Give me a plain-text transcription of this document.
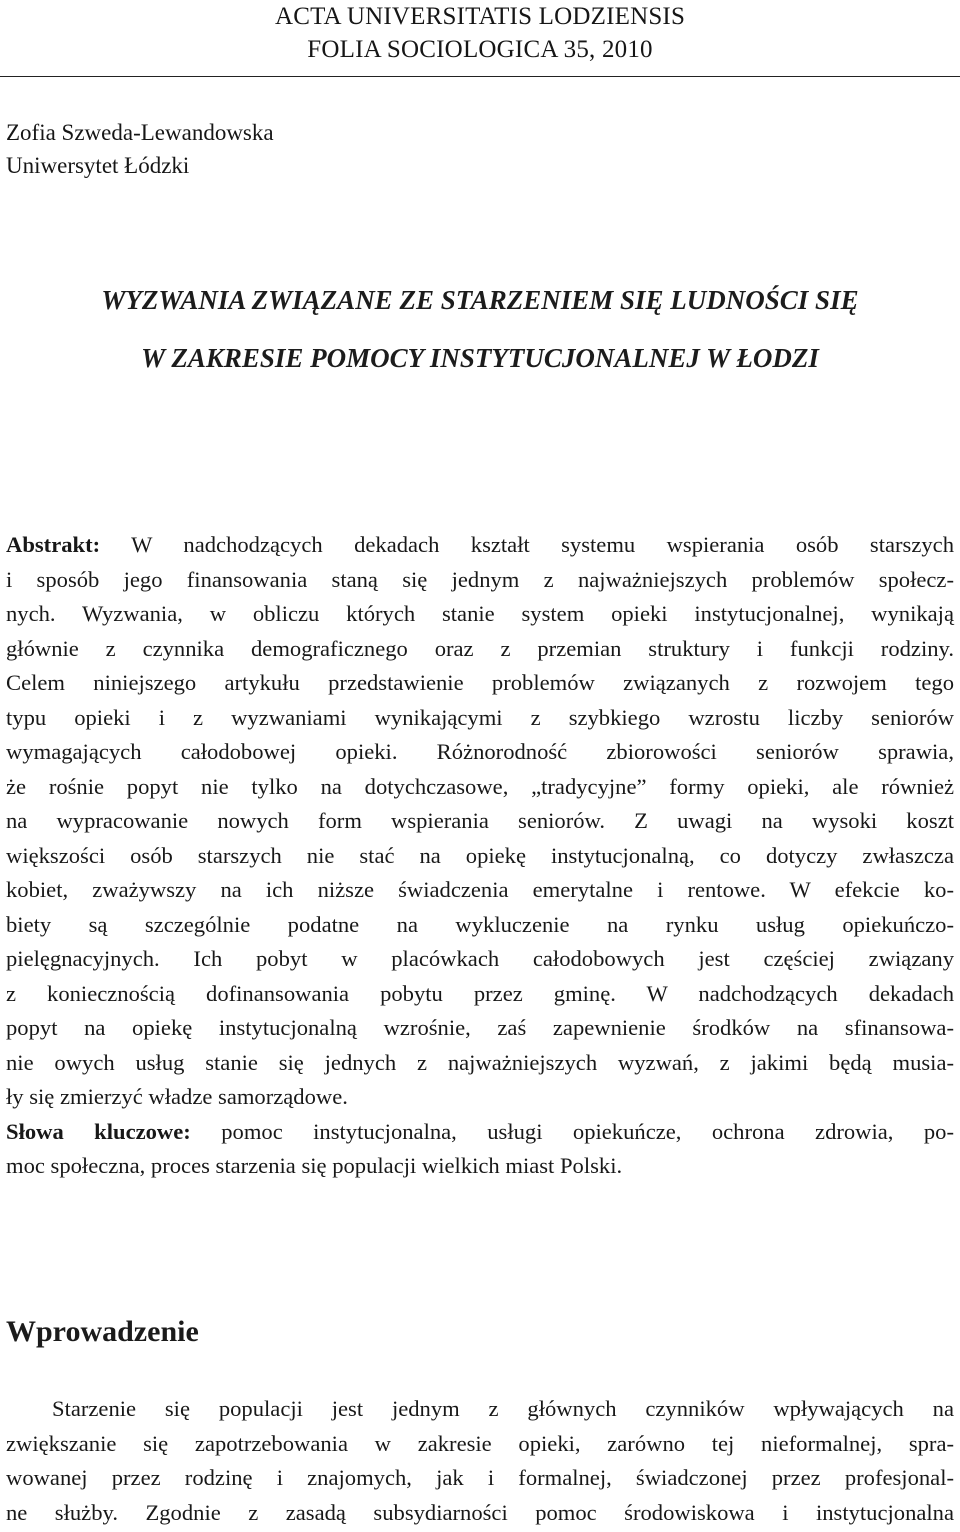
ACTA UNIVERSITATIS LODZIENSIS
FOLIA SOCIOLOGICA 35, 2010
Zofia Szweda-Lewandowska
Uniwersytet Łódzki
WYZWANIA ZWIĄZANE ZE STARZENIEM SIĘ LUDNOŚCI SIĘ
W ZAKRESIE POMOCY INSTYTUCJONALNEJ W ŁODZI
Abstrakt: W nadchodzących dekadach kształt systemu wspierania osób starszych
i sposób jego finansowania staną się jednym z najważniejszych problemów społecz-
nych. Wyzwania, w obliczu których stanie system opieki instytucjonalnej, wynikają
głównie z czynnika demograficznego oraz z przemian struktury i funkcji rodziny.
Celem niniejszego artykułu przedstawienie problemów związanych z rozwojem tego
typu opieki i z wyzwaniami wynikającymi z szybkiego wzrostu liczby seniorów
wymagających całodobowej opieki. Różnorodność zbiorowości seniorów sprawia,
że rośnie popyt nie tylko na dotychczasowe, „tradycyjne” formy opieki, ale również
na wypracowanie nowych form wspierania seniorów. Z uwagi na wysoki koszt
większości osób starszych nie stać na opiekę instytucjonalną, co dotyczy zwłaszcza
kobiet, zważywszy na ich niższe świadczenia emerytalne i rentowe. W efekcie ko-
biety są szczególnie podatne na wykluczenie na rynku usług opiekuńczo-
pielęgnacyjnych. Ich pobyt w placówkach całodobowych jest częściej związany
z koniecznością dofinansowania pobytu przez gminę. W nadchodzących dekadach
popyt na opiekę instytucjonalną wzrośnie, zaś zapewnienie środków na sfinansowa-
nie owych usług stanie się jednych z najważniejszych wyzwań, z jakimi będą musia-
ły się zmierzyć władze samorządowe.
Słowa kluczowe: pomoc instytucjonalna, usługi opiekuńcze, ochrona zdrowia, po-
moc społeczna, proces starzenia się populacji wielkich miast Polski.
Wprowadzenie
Starzenie się populacji jest jednym z głównych czynników wpływających na
zwiększanie się zapotrzebowania w zakresie opieki, zarówno tej nieformalnej, spra-
wowanej przez rodzinę i znajomych, jak i formalnej, świadczonej przez profesjonal-
ne służby. Zgodnie z zasadą subsydiarności pomoc środowiskowa i instytucjonalna
